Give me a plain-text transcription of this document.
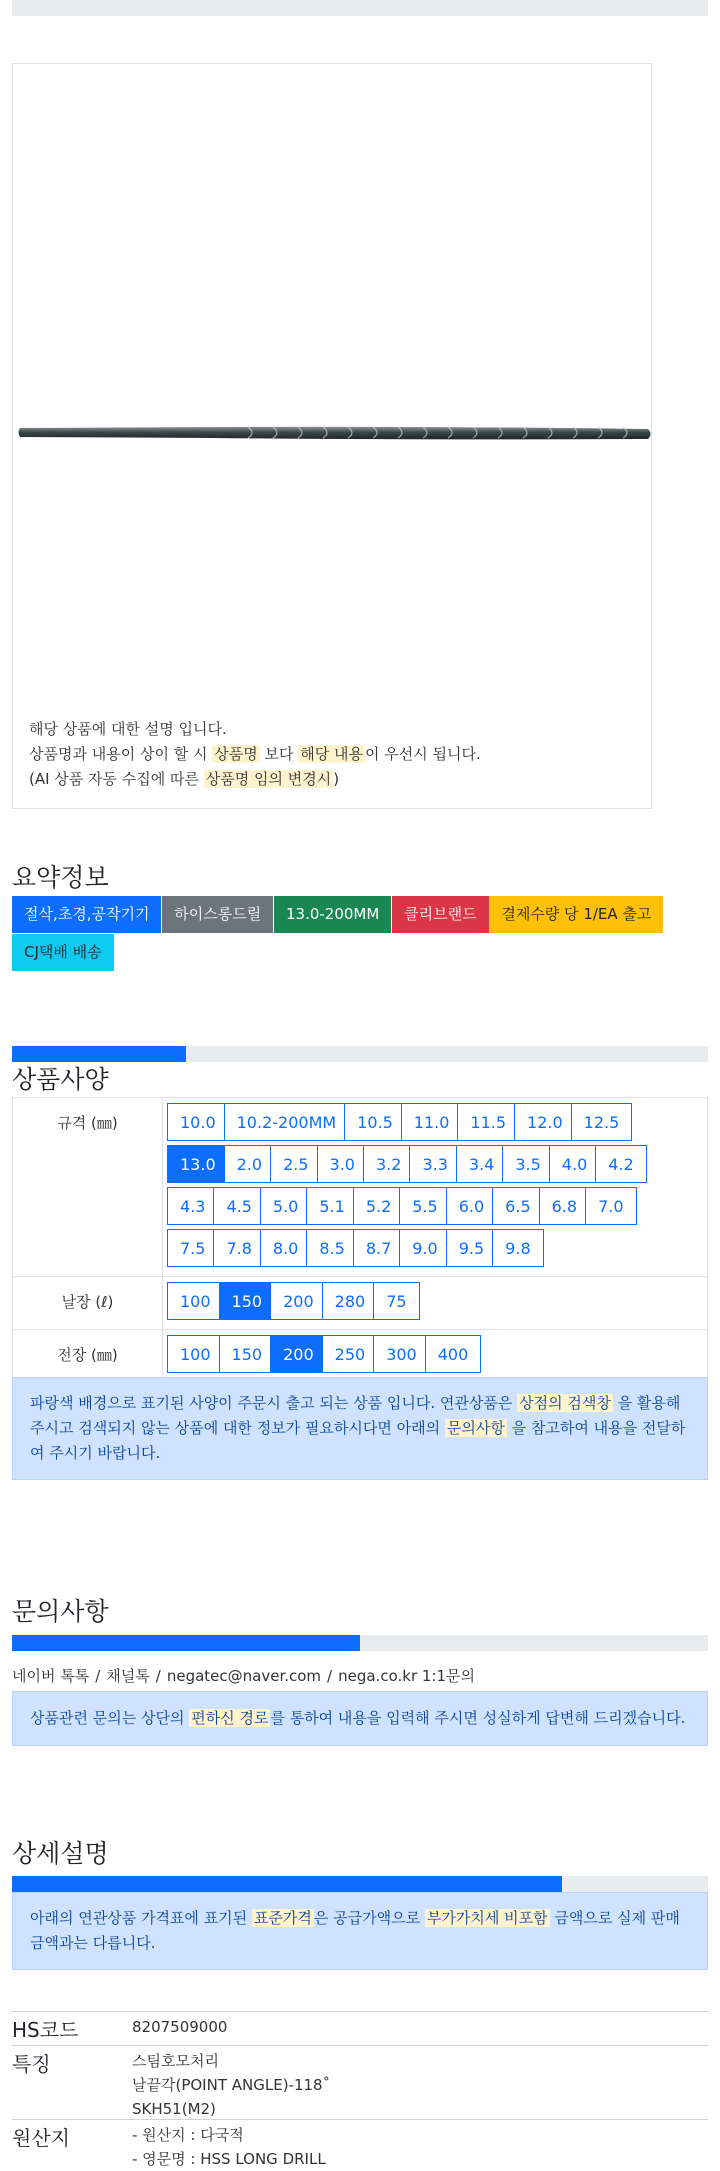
해당 상품에 대한 설명 입니다.
상품명과 내용이 상이 할 시 상품명 보다 해당 내용 이 우선시 됩니다.
(AI 상품 자동 수집에 따른 상품명 임의 변경시 )
요약정보
절삭,초경,공작기기 하이스롱드릴 13.0-200MM 클리브랜드 결제수량 당 1/EA 출고 CJ택배 배송
상품사양
규격 (㎜)	10.0 10.2-200MM 10.5 11.0 11.5 12.0 12.5
13.0 2.0 2.5 3.0 3.2 3.3 3.4 3.5 4.0 4.2
4.3 4.5 5.0 5.1 5.2 5.5 6.0 6.5 6.8 7.0
7.5 7.8 8.0 8.5 8.7 9.0 9.5 9.8
날장 (ℓ)	100 150 200 280 75
전장 (㎜)	100 150 200 250 300 400
파랑색 배경으로 표기된 사양이 주문시 출고 되는 상품 입니다. 연관상품은 상점의 검색창 을 활용해 주시고 검색되지 않는 상품에 대한 정보가 필요하시다면 아래의 문의사항 을 참고하여 내용을 전달하여 주시기 바랍니다.
문의사항
네이버 톡톡 / 채널톡 / negatec@naver.com / nega.co.kr 1:1문의
상품관련 문의는 상단의 편하신 경로 를 통하여 내용을 입력해 주시면 성실하게 답변해 드리겠습니다.
상세설명
아래의 연관상품 가격표에 표기된 표준가격 은 공급가액으로 부가가치세 비포함 금액으로 실제 판매금액과는 다릅니다.
HS코드	8207509000
특징	스팀호모처리
날끝각(POINT ANGLE)-118˚
SKH51(M2)
원산지	- 원산지 : 다국적
- 영문명 : HSS LONG DRILL
